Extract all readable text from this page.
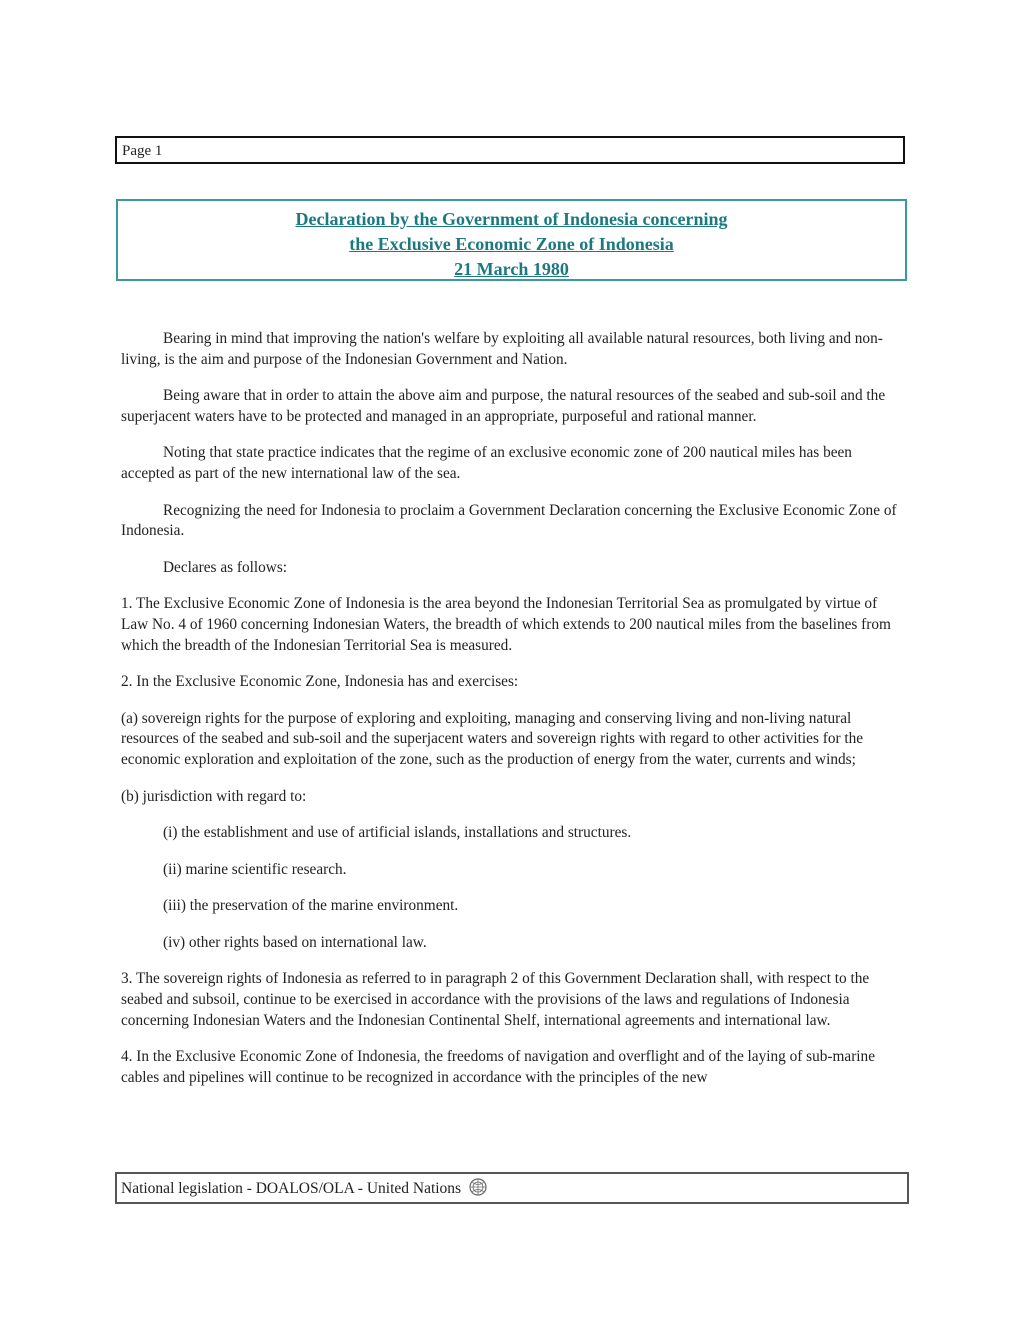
Page 1
Declaration by the Government of Indonesia concerning
the Exclusive Economic Zone of Indonesia
21 March 1980

Bearing in mind that improving the nation's welfare by exploiting all available natural resources, both living and non-living, is the aim and purpose of the Indonesian Government and Nation.

Being aware that in order to attain the above aim and purpose, the natural resources of the seabed and sub-soil and the superjacent waters have to be protected and managed in an appropriate, purposeful and rational manner.

Noting that state practice indicates that the regime of an exclusive economic zone of 200 nautical miles has been accepted as part of the new international law of the sea.

Recognizing the need for Indonesia to proclaim a Government Declaration concerning the Exclusive Economic Zone of Indonesia.

Declares as follows:

1. The Exclusive Economic Zone of Indonesia is the area beyond the Indonesian Territorial Sea as promulgated by virtue of Law No. 4 of 1960 concerning Indonesian Waters, the breadth of which extends to 200 nautical miles from the baselines from which the breadth of the Indonesian Territorial Sea is measured.

2. In the Exclusive Economic Zone, Indonesia has and exercises:

(a) sovereign rights for the purpose of exploring and exploiting, managing and conserving living and non-living natural resources of the seabed and sub-soil and the superjacent waters and sovereign rights with regard to other activities for the economic exploration and exploitation of the zone, such as the production of energy from the water, currents and winds;

(b) jurisdiction with regard to:

(i) the establishment and use of artificial islands, installations and structures.

(ii) marine scientific research.

(iii) the preservation of the marine environment.

(iv) other rights based on international law.

3. The sovereign rights of Indonesia as referred to in paragraph 2 of this Government Declaration shall, with respect to the seabed and subsoil, continue to be exercised in accordance with the provisions of the laws and regulations of Indonesia concerning Indonesian Waters and the Indonesian Continental Shelf, international agreements and international law.

4. In the Exclusive Economic Zone of Indonesia, the freedoms of navigation and overflight and of the laying of sub-marine cables and pipelines will continue to be recognized in accordance with the principles of the new

National legislation - DOALOS/OLA - United Nations
